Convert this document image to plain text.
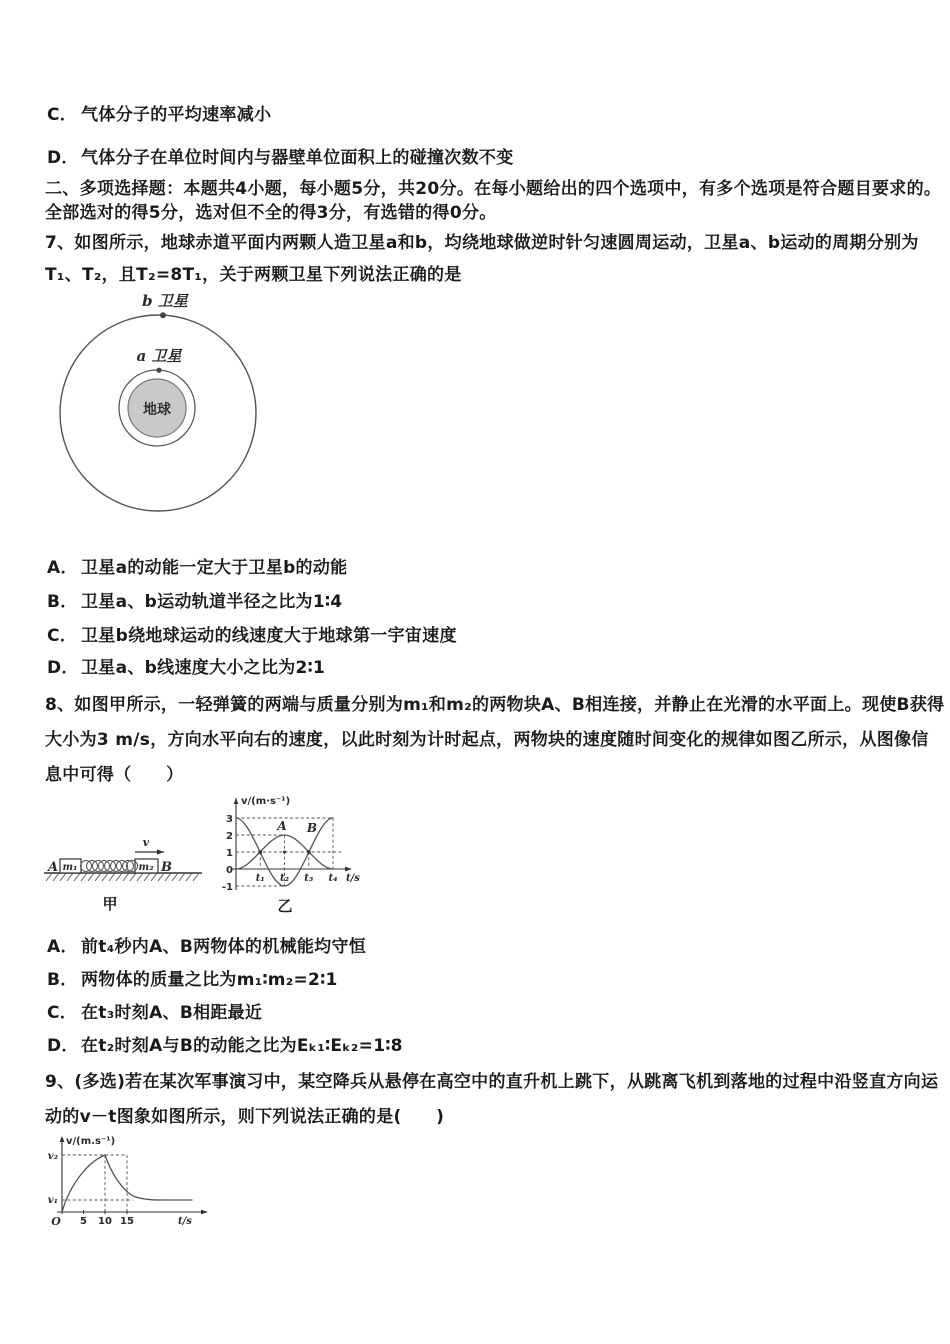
C． 气体分子的平均速率减小
D． 气体分子在单位时间内与器壁单位面积上的碰撞次数不变
二、多项选择题：本题共4小题，每小题5分，共20分。在每小题给出的四个选项中，有多个选项是符合题目要求的。
全部选对的得5分，选对但不全的得3分，有选错的得0分。
7、如图所示，地球赤道平面内两颗人造卫星a和b，均绕地球做逆时针匀速圆周运动，卫星a、b运动的周期分别为
T₁、T₂，且T₂=8T₁，关于两颗卫星下列说法正确的是
b 卫星
a 卫星
地球
A． 卫星a的动能一定大于卫星b的动能
B． 卫星a、b运动轨道半径之比为1∶4
C． 卫星b绕地球运动的线速度大于地球第一宇宙速度
D． 卫星a、b线速度大小之比为2∶1
8、如图甲所示，一轻弹簧的两端与质量分别为m₁和m₂的两物块A、B相连接，并静止在光滑的水平面上。现使B获得
大小为3 m/s，方向水平向右的速度，以此时刻为计时起点，两物块的速度随时间变化的规律如图乙所示，从图像信
息中可得（　　）
A m₁	m₂ B
v
甲
v/(m·s⁻¹)
3
2
1
0
-1
t₁ t₂ t₃ t₄ t/s
A B
乙
A． 前t₄秒内A、B两物体的机械能均守恒
B． 两物体的质量之比为m₁∶m₂=2∶1
C． 在t₃时刻A、B相距最近
D． 在t₂时刻A与B的动能之比为Eₖ₁∶Eₖ₂=1∶8
9、(多选)若在某次军事演习中，某空降兵从悬停在高空中的直升机上跳下，从跳离飞机到落地的过程中沿竖直方向运
动的v－t图象如图所示，则下列说法正确的是(　　)
v/(m.s⁻¹)
v₂
v₁
O 5 10 15	t/s
